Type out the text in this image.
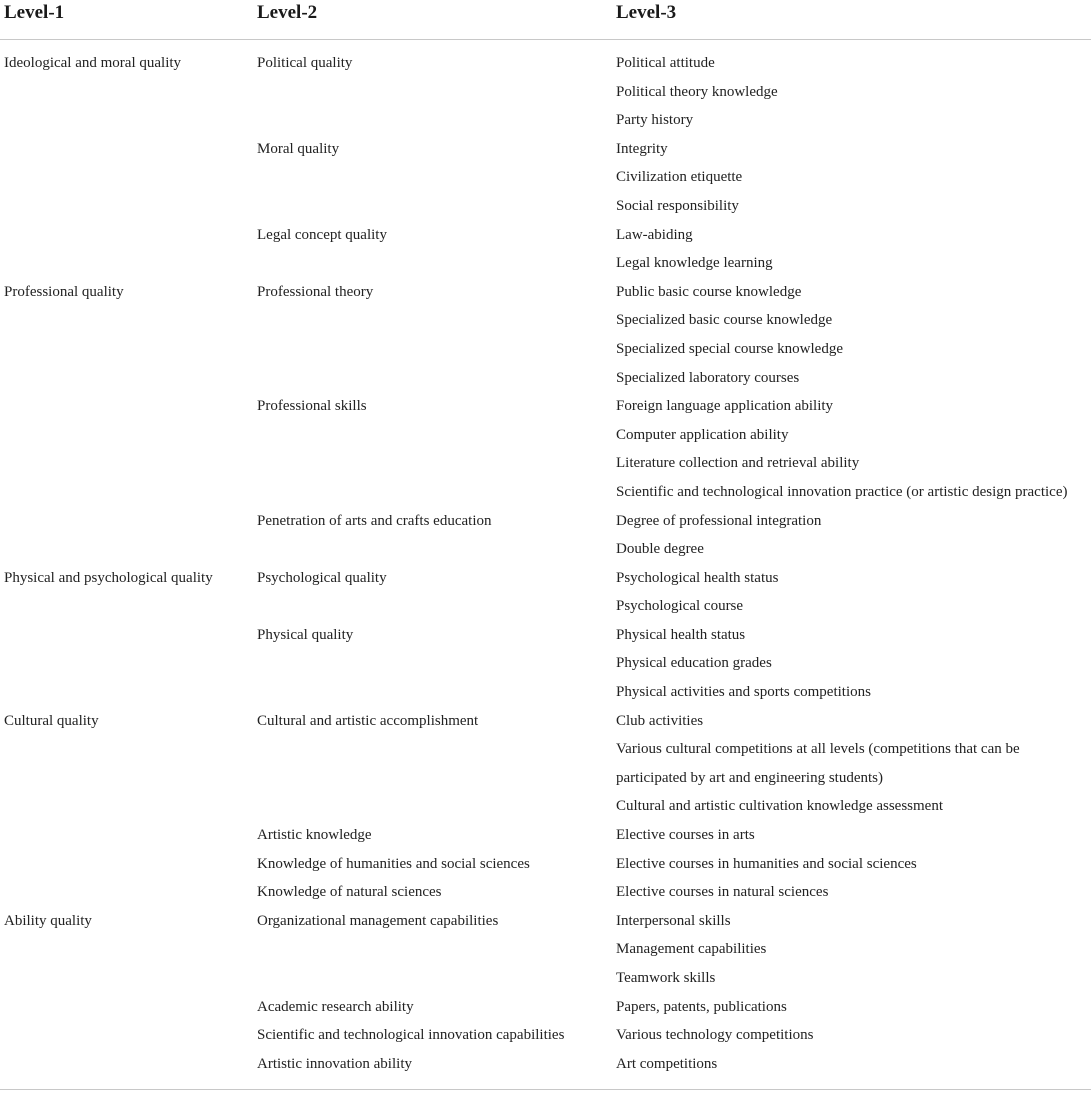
Level-1	Level-2	Level-3
Ideological and moral quality	Political quality	Political attitude
Political theory knowledge
Party history
Moral quality	Integrity
Civilization etiquette
Social responsibility
Legal concept quality	Law-abiding
Legal knowledge learning
Professional quality	Professional theory	Public basic course knowledge
Specialized basic course knowledge
Specialized special course knowledge
Specialized laboratory courses
Professional skills	Foreign language application ability
Computer application ability
Literature collection and retrieval ability
Scientific and technological innovation practice (or artistic design practice)
Penetration of arts and crafts education	Degree of professional integration
Double degree
Physical and psychological quality	Psychological quality	Psychological health status
Psychological course
Physical quality	Physical health status
Physical education grades
Physical activities and sports competitions
Cultural quality	Cultural and artistic accomplishment	Club activities
Various cultural competitions at all levels (competitions that can be participated by art and engineering students)
Cultural and artistic cultivation knowledge assessment
Artistic knowledge	Elective courses in arts
Knowledge of humanities and social sciences	Elective courses in humanities and social sciences
Knowledge of natural sciences	Elective courses in natural sciences
Ability quality	Organizational management capabilities	Interpersonal skills
Management capabilities
Teamwork skills
Academic research ability	Papers, patents, publications
Scientific and technological innovation capabilities	Various technology competitions
Artistic innovation ability	Art competitions
